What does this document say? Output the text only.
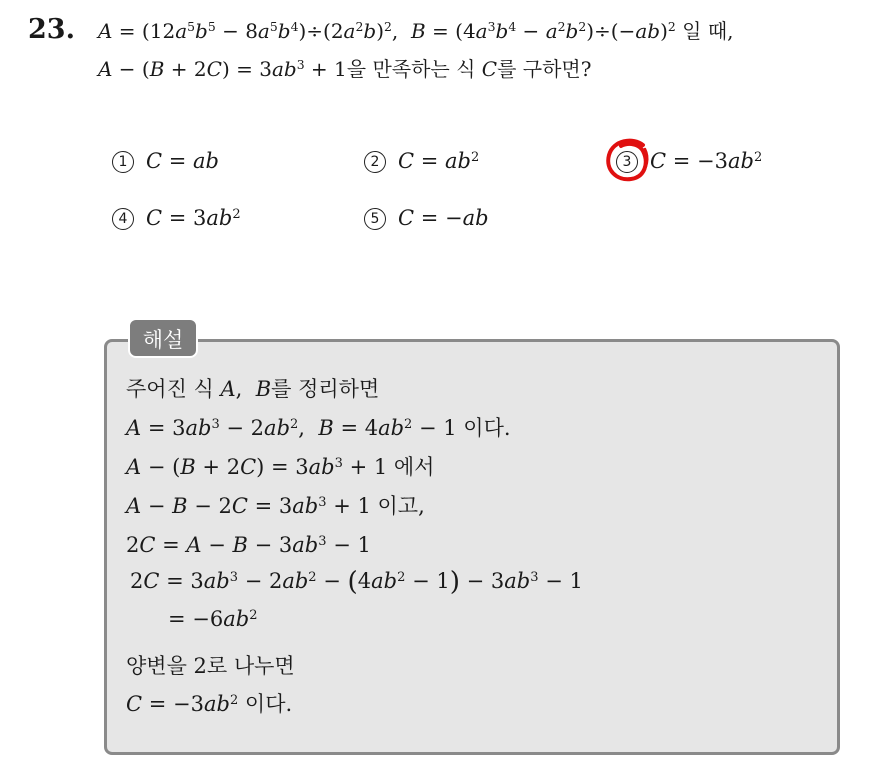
23. $A = (12a^5b^5 - 8a^5b^4)\div(2a^2b)^2$,  $B = (4a^3b^4 - a^2b^2)\div(-ab)^2$ 일 때,
$A - (B + 2C) = 3ab^3 + 1$을 만족하는 식 C를 구하면?
1 C = ab	2 $C = ab^2$	3 $C = -3ab^2$
4 $C = 3ab^2$	5 C = −ab
해설
주어진 식 A,  B를 정리하면
$A = 3ab^3 - 2ab^2$,  $B = 4ab^2 - 1$ 이다.
$A - (B + 2C) = 3ab^3 + 1$ 에서
$A - B - 2C = 3ab^3 + 1$ 이고,
$2C = A - B - 3ab^3 - 1$
$2C = 3ab^3 - 2ab^2 - (4ab^2 - 1) - 3ab^3 - 1$
= $-6ab^2$
양변을 2로 나누면
$C = -3ab^2$ 이다.
